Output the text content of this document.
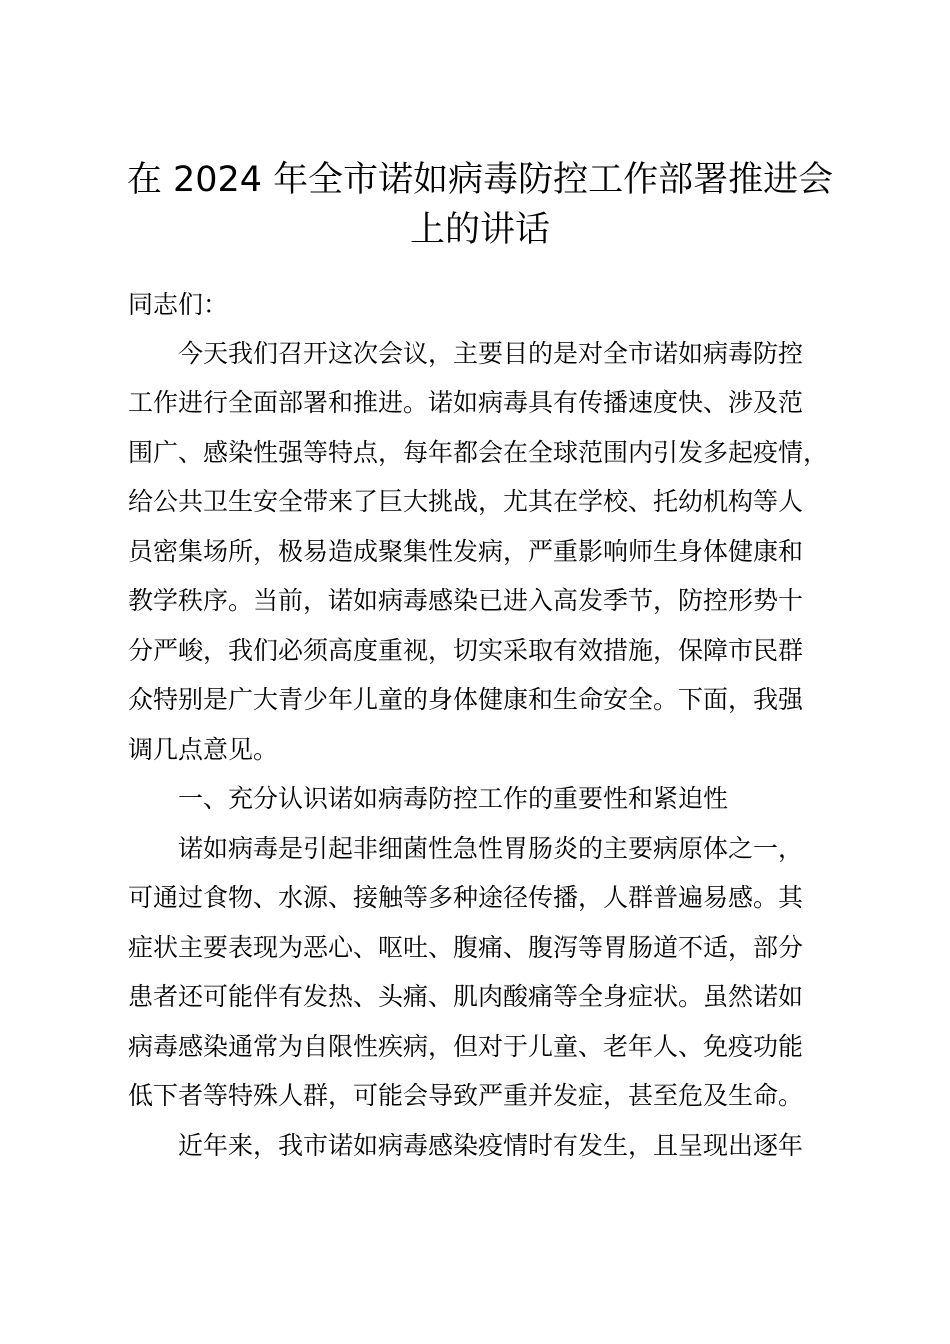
在 2024 年全市诺如病毒防控工作部署推进会
上的讲话

同志们：

今天我们召开这次会议，主要目的是对全市诺如病毒防控

工作进行全面部署和推进。诺如病毒具有传播速度快、涉及范

围广、感染性强等特点，每年都会在全球范围内引发多起疫情，

给公共卫生安全带来了巨大挑战，尤其在学校、托幼机构等人

员密集场所，极易造成聚集性发病，严重影响师生身体健康和

教学秩序。当前，诺如病毒感染已进入高发季节，防控形势十

分严峻，我们必须高度重视，切实采取有效措施，保障市民群

众特别是广大青少年儿童的身体健康和生命安全。下面，我强

调几点意见。

一、充分认识诺如病毒防控工作的重要性和紧迫性

诺如病毒是引起非细菌性急性胃肠炎的主要病原体之一，

可通过食物、水源、接触等多种途径传播，人群普遍易感。其

症状主要表现为恶心、呕吐、腹痛、腹泻等胃肠道不适，部分

患者还可能伴有发热、头痛、肌肉酸痛等全身症状。虽然诺如

病毒感染通常为自限性疾病，但对于儿童、老年人、免疫功能

低下者等特殊人群，可能会导致严重并发症，甚至危及生命。

近年来，我市诺如病毒感染疫情时有发生，且呈现出逐年
